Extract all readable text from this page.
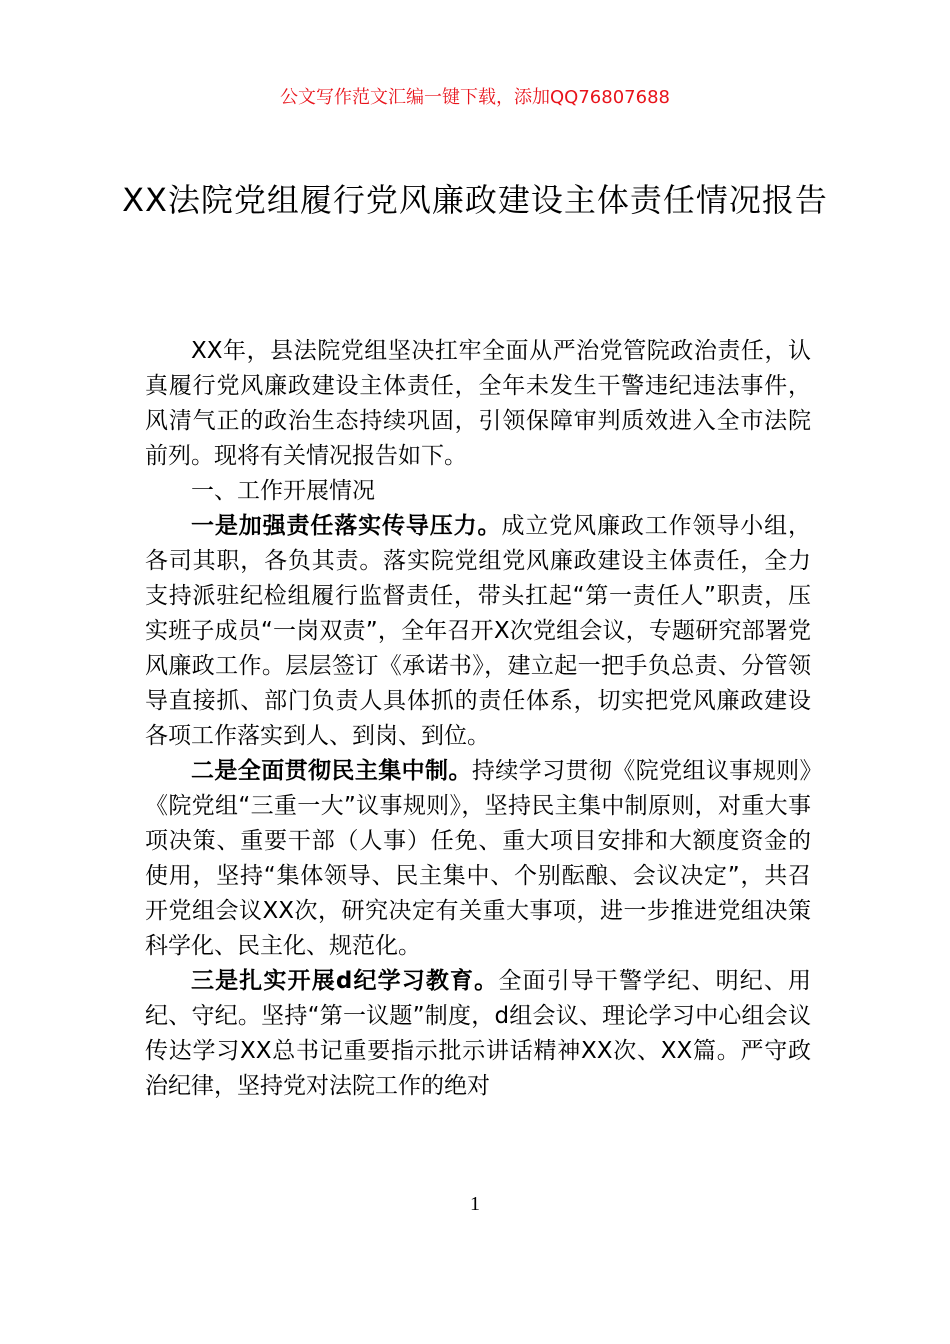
公文写作范文汇编一键下载，添加QQ76807688
XX法院党组履行党风廉政建设主体责任情况报告

XX年，县法院党组坚决扛牢全面从严治党管院政治责任，认真履行党风廉政建设主体责任，全年未发生干警违纪违法事件，风清气正的政治生态持续巩固，引领保障审判质效进入全市法院前列。现将有关情况报告如下。

一、工作开展情况

一是加强责任落实传导压力。成立党风廉政工作领导小组，各司其职，各负其责。落实院党组党风廉政建设主体责任，全力支持派驻纪检组履行监督责任，带头扛起“第一责任人”职责，压实班子成员“一岗双责”，全年召开X次党组会议，专题研究部署党风廉政工作。层层签订《承诺书》，建立起一把手负总责、分管领导直接抓、部门负责人具体抓的责任体系，切实把党风廉政建设各项工作落实到人、到岗、到位。

二是全面贯彻民主集中制。持续学习贯彻《院党组议事规则》《院党组“三重一大”议事规则》，坚持民主集中制原则，对重大事项决策、重要干部（人事）任免、重大项目安排和大额度资金的使用，坚持“集体领导、民主集中、个别酝酿、会议决定”，共召开党组会议XX次，研究决定有关重大事项，进一步推进党组决策科学化、民主化、规范化。

三是扎实开展d纪学习教育。全面引导干警学纪、明纪、用纪、守纪。坚持“第一议题”制度，d组会议、理论学习中心组会议传达学习XX总书记重要指示批示讲话精神XX次、XX篇。严守政治纪律，坚持党对法院工作的绝对

1
